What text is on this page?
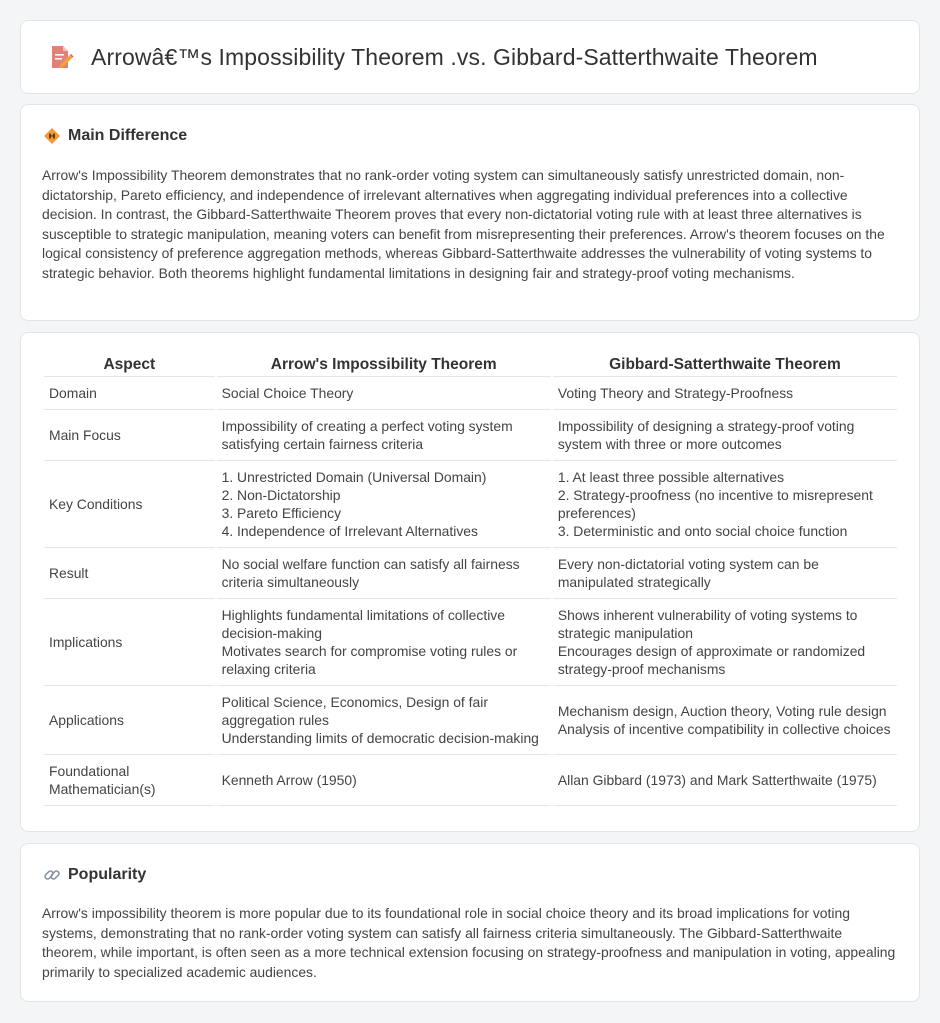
Arrowâ€™s Impossibility Theorem .vs. Gibbard-Satterthwaite Theorem
Main Difference

Arrow's Impossibility Theorem demonstrates that no rank-order voting system can simultaneously satisfy unrestricted domain, non-dictatorship, Pareto efficiency, and independence of irrelevant alternatives when aggregating individual preferences into a collective decision. In contrast, the Gibbard-Satterthwaite Theorem proves that every non-dictatorial voting rule with at least three alternatives is susceptible to strategic manipulation, meaning voters can benefit from misrepresenting their preferences. Arrow's theorem focuses on the logical consistency of preference aggregation methods, whereas Gibbard-Satterthwaite addresses the vulnerability of voting systems to strategic behavior. Both theorems highlight fundamental limitations in designing fair and strategy-proof voting mechanisms.

Aspect	Arrow's Impossibility Theorem	Gibbard-Satterthwaite Theorem
Domain	Social Choice Theory	Voting Theory and Strategy-Proofness

Main Focus	Impossibility of creating a perfect voting system satisfying certain fairness criteria	Impossibility of designing a strategy-proof voting system with three or more outcomes

Key Conditions	1. Unrestricted Domain (Universal Domain)
2. Non-Dictatorship
3. Pareto Efficiency
4. Independence of Irrelevant Alternatives	1. At least three possible alternatives
2. Strategy-proofness (no incentive to misrepresent preferences)
3. Deterministic and onto social choice function

Result	No social welfare function can satisfy all fairness criteria simultaneously	Every non-dictatorial voting system can be manipulated strategically

Implications	Highlights fundamental limitations of collective decision-making
Motivates search for compromise voting rules or relaxing criteria	Shows inherent vulnerability of voting systems to strategic manipulation
Encourages design of approximate or randomized strategy-proof mechanisms

Applications	Political Science, Economics, Design of fair aggregation rules
Understanding limits of democratic decision-making	Mechanism design, Auction theory, Voting rule design
Analysis of incentive compatibility in collective choices

Foundational Mathematician(s)	Kenneth Arrow (1950)	Allan Gibbard (1973) and Mark Satterthwaite (1975)
Popularity

Arrow's impossibility theorem is more popular due to its foundational role in social choice theory and its broad implications for voting systems, demonstrating that no rank-order voting system can satisfy all fairness criteria simultaneously. The Gibbard-Satterthwaite theorem, while important, is often seen as a more technical extension focusing on strategy-proofness and manipulation in voting, appealing primarily to specialized academic audiences.
